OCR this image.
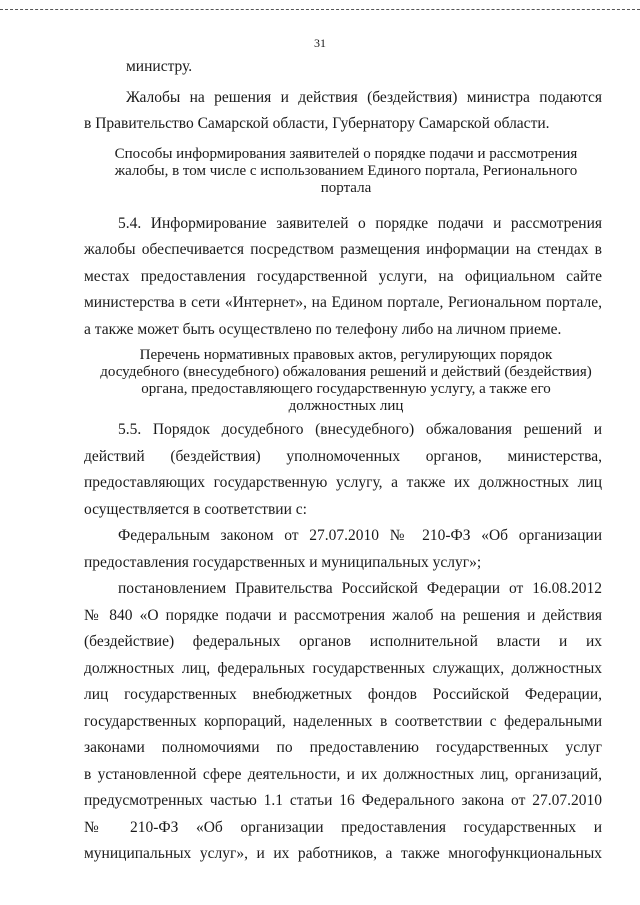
31

министру.

Жалобы на решения и действия (бездействия) министра подаются
в Правительство Самарской области, Губернатору Самарской области.

Способы информирования заявителей о порядке подачи и рассмотрения
жалобы, в том числе с использованием Единого портала, Регионального
портала

5.4. Информирование заявителей о порядке подачи и рассмотрения
жалобы обеспечивается посредством размещения информации на стендах в
местах предоставления государственной услуги, на официальном сайте
министерства в сети «Интернет», на Едином портале, Региональном портале,
а также может быть осуществлено по телефону либо на личном приеме.

Перечень нормативных правовых актов, регулирующих порядок
досудебного (внесудебного) обжалования решений и действий (бездействия)
органа, предоставляющего государственную услугу, а также его
должностных лиц

5.5. Порядок досудебного (внесудебного) обжалования решений и
действий (бездействия) уполномоченных органов, министерства,
предоставляющих государственную услугу, а также их должностных лиц
осуществляется в соответствии с:

Федеральным законом от 27.07.2010 № 210-ФЗ «Об организации
предоставления государственных и муниципальных услуг»;

постановлением Правительства Российской Федерации от 16.08.2012
№ 840 «О порядке подачи и рассмотрения жалоб на решения и действия
(бездействие) федеральных органов исполнительной власти и их
должностных лиц, федеральных государственных служащих, должностных
лиц государственных внебюджетных фондов Российской Федерации,
государственных корпораций, наделенных в соответствии с федеральными
законами полномочиями по предоставлению государственных услуг
в установленной сфере деятельности, и их должностных лиц, организаций,
предусмотренных частью 1.1 статьи 16 Федерального закона от 27.07.2010
№ 210-ФЗ «Об организации предоставления государственных и
муниципальных услуг», и их работников, а также многофункциональных
